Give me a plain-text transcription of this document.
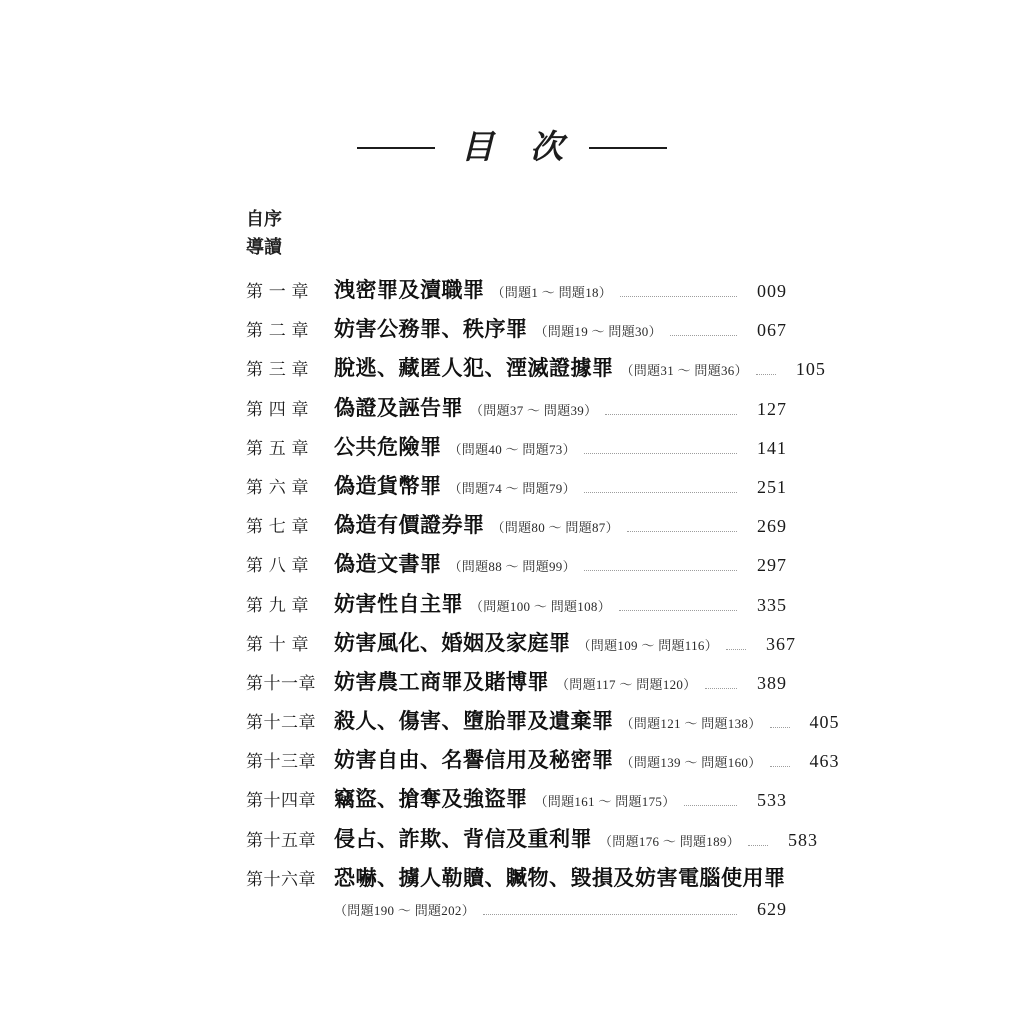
目 次
自序
導讀
第 一 章	洩密罪及瀆職罪 （問題1 ～ 問題18）	009
第 二 章	妨害公務罪、秩序罪 （問題19 ～ 問題30）	067
第 三 章	脫逃、藏匿人犯、湮滅證據罪 （問題31 ～ 問題36）	105
第 四 章	偽證及誣告罪 （問題37 ～ 問題39）	127
第 五 章	公共危險罪 （問題40 ～ 問題73）	141
第 六 章	偽造貨幣罪 （問題74 ～ 問題79）	251
第 七 章	偽造有價證券罪 （問題80 ～ 問題87）	269
第 八 章	偽造文書罪 （問題88 ～ 問題99）	297
第 九 章	妨害性自主罪 （問題100 ～ 問題108）	335
第 十 章	妨害風化、婚姻及家庭罪 （問題109 ～ 問題116）	367
第十一章 妨害農工商罪及賭博罪 （問題117 ～ 問題120）	389
第十二章 殺人、傷害、墮胎罪及遺棄罪 （問題121 ～ 問題138）	405
第十三章 妨害自由、名譽信用及秘密罪 （問題139 ～ 問題160）	463
第十四章 竊盜、搶奪及強盜罪 （問題161 ～ 問題175）	533
第十五章 侵占、詐欺、背信及重利罪 （問題176 ～ 問題189）	583
第十六章 恐嚇、擄人勒贖、贓物、毀損及妨害電腦使用罪
（問題190 ～ 問題202）	629
